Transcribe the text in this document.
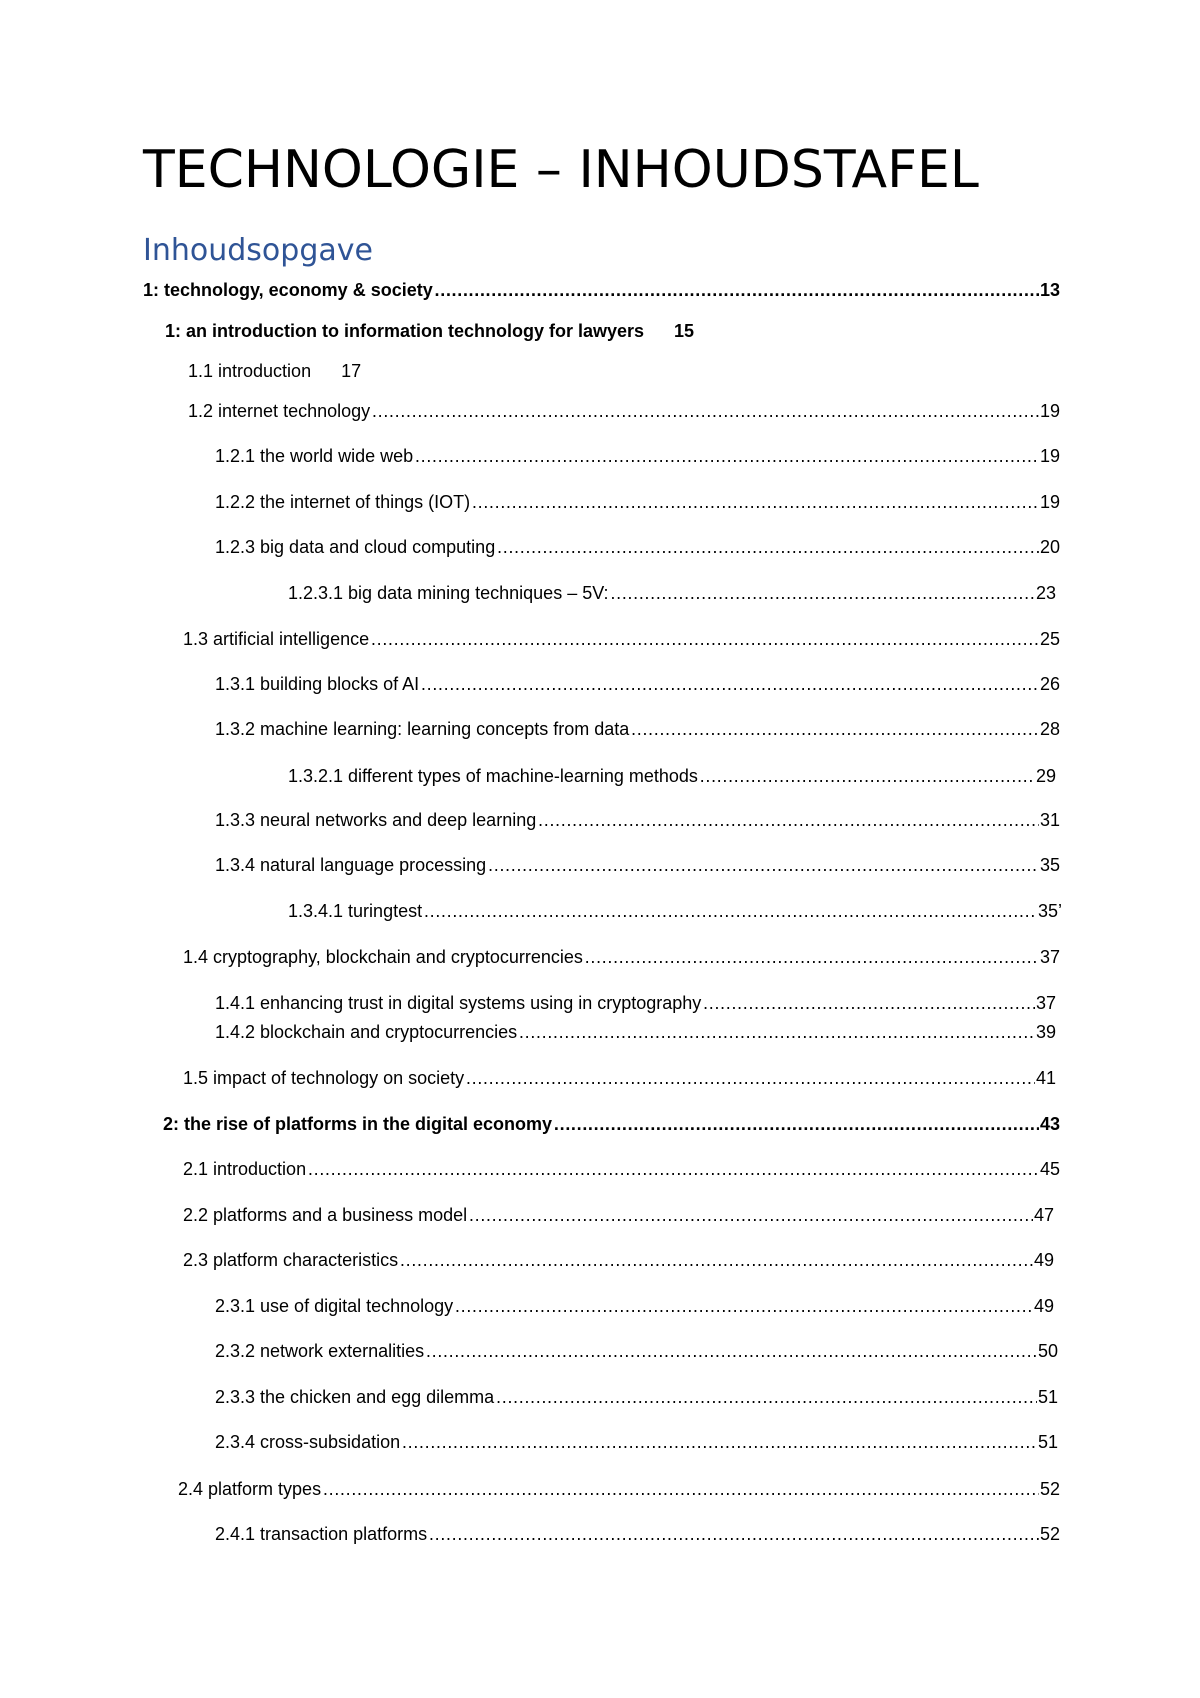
TECHNOLOGIE – INHOUDSTAFEL
Inhoudsopgave
1: technology, economy & society ……………………………………………………………………………………………………………………………………………………………………………………………………………………………………………………	13
1: an introduction to information technology for lawyers 15
1.1 introduction 17
1.2 internet technology ……………………………………………………………………………………………………………………………………………………………………………………………………………………………………………………	19
1.2.1 the world wide web ……………………………………………………………………………………………………………………………………………………………………………………………………………………………………………………	19
1.2.2 the internet of things (IOT) ……………………………………………………………………………………………………………………………………………………………………………………………………………………………………………………	19
1.2.3 big data and cloud computing ……………………………………………………………………………………………………………………………………………………………………………………………………………………………………………………	20
1.2.3.1 big data mining techniques – 5V: ……………………………………………………………………………………………………………………………………………………………………………………………………………………………………………………	23
1.3 artificial intelligence ……………………………………………………………………………………………………………………………………………………………………………………………………………………………………………………	25
1.3.1 building blocks of AI ……………………………………………………………………………………………………………………………………………………………………………………………………………………………………………………	26
1.3.2 machine learning: learning concepts from data ……………………………………………………………………………………………………………………………………………………………………………………………………………………………………………………	28
1.3.2.1 different types of machine-learning methods ……………………………………………………………………………………………………………………………………………………………………………………………………………………………………………………	29
1.3.3 neural networks and deep learning ……………………………………………………………………………………………………………………………………………………………………………………………………………………………………………………	31
1.3.4 natural language processing ……………………………………………………………………………………………………………………………………………………………………………………………………………………………………………………	35
1.3.4.1 turingtest ……………………………………………………………………………………………………………………………………………………………………………………………………………………………………………………	35’
1.4 cryptography, blockchain and cryptocurrencies ……………………………………………………………………………………………………………………………………………………………………………………………………………………………………………………	37
1.4.1 enhancing trust in digital systems using in cryptography ……………………………………………………………………………………………………………………………………………………………………………………………………………………………………………………	37
1.4.2 blockchain and cryptocurrencies ……………………………………………………………………………………………………………………………………………………………………………………………………………………………………………………	39
1.5 impact of technology on society ……………………………………………………………………………………………………………………………………………………………………………………………………………………………………………………	41
2: the rise of platforms in the digital economy ……………………………………………………………………………………………………………………………………………………………………………………………………………………………………………………	43
2.1 introduction ……………………………………………………………………………………………………………………………………………………………………………………………………………………………………………………	45
2.2 platforms and a business model ……………………………………………………………………………………………………………………………………………………………………………………………………………………………………………………	47
2.3 platform characteristics ……………………………………………………………………………………………………………………………………………………………………………………………………………………………………………………	49
2.3.1 use of digital technology ……………………………………………………………………………………………………………………………………………………………………………………………………………………………………………………	49
2.3.2 network externalities ……………………………………………………………………………………………………………………………………………………………………………………………………………………………………………………	50
2.3.3 the chicken and egg dilemma ……………………………………………………………………………………………………………………………………………………………………………………………………………………………………………………	51
2.3.4 cross-subsidation ……………………………………………………………………………………………………………………………………………………………………………………………………………………………………………………	51
2.4 platform types ……………………………………………………………………………………………………………………………………………………………………………………………………………………………………………………	52
2.4.1 transaction platforms ……………………………………………………………………………………………………………………………………………………………………………………………………………………………………………………	52
